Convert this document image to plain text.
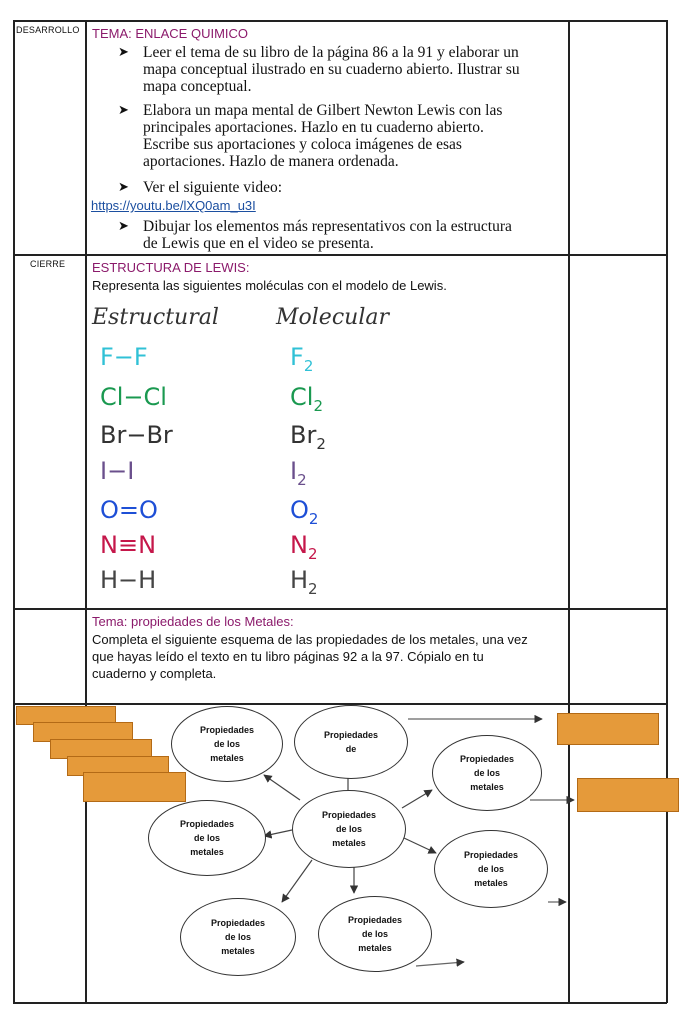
DESARROLLO TEMA: ENLACE QUIMICO
➤ Leer el tema de su libro de la página 86 a la 91 y elaborar un
mapa conceptual ilustrado en su cuaderno abierto. Ilustrar su
mapa conceptual.
➤ Elabora un mapa mental de Gilbert Newton Lewis con las
principales aportaciones. Hazlo en tu cuaderno abierto.
Escribe sus aportaciones y coloca imágenes de esas
aportaciones. Hazlo de manera ordenada.
➤ Ver el siguiente video:
https://youtu.be/lXQ0am_u3I
➤ Dibujar los elementos más representativos con la estructura
de Lewis que en el video se presenta.
CIERRE ESTRUCTURA DE LEWIS:
Representa las siguientes moléculas con el modelo de Lewis.
Estructural	Molecular
F−F	$F_2$
Cl−Cl	$Cl_2$
Br−Br	$Br_2$
I−I	$I_2$
O=O	$O_2$
N≡N	$N_2$
H−H	$H_2$
Tema: propiedades de los Metales:
Completa el siguiente esquema de las propiedades de los metales, una vez
que hayas leído el texto en tu libro páginas 92 a la 97. Cópialo en tu
cuaderno y completa.
Propiedades
de los
metales
Propiedades
de
Propiedades
de los
metales
Propiedades
de los
metales
Propiedades
de los
metales	Propiedades
de los
metales
Propiedades
de los
metales
Propiedades
de los
metales
